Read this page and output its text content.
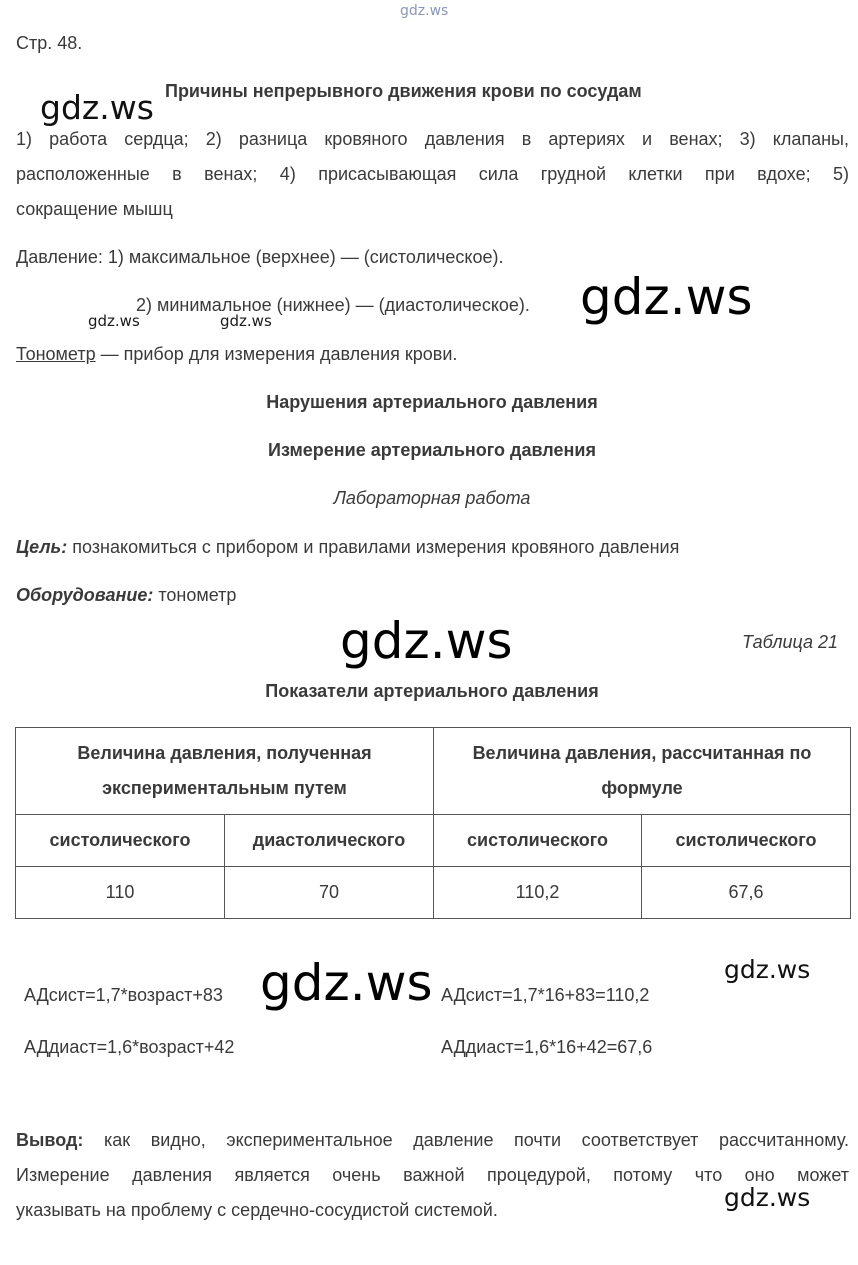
gdz.ws
Стр. 48.
Причины непрерывного движения крови по сосудам
1) работа сердца; 2) разница кровяного давления в артериях и венах; 3) клапаны,
расположенные в венах; 4) присасывающая сила грудной клетки при вдохе; 5)
сокращение мышц
Давление: 1) максимальное (верхнее) — (систолическое).
2) минимальное (нижнее) — (диастолическое).
Тонометр — прибор для измерения давления крови.
Нарушения артериального давления
Измерение артериального давления
Лабораторная работа
Цель: познакомиться с прибором и правилами измерения кровяного давления
Оборудование: тонометр
Таблица 21
Показатели артериального давления
Величина давления, полученная экспериментальным путем		Величина давления, рассчитанная по формуле	
систолического	диастолического	систолического	систолического
110	70	110,2	67,6
АДсист=1,7*возраст+83	АДсист=1,7*16+83=110,2
АДдиаст=1,6*возраст+42	АДдиаст=1,6*16+42=67,6
Вывод: как видно, экспериментальное давление почти соответствует рассчитанному.
Измерение давления является очень важной процедурой, потому что оно может
указывать на проблему с сердечно-сосудистой системой.
gdz.ws
gdz.ws	gdz.ws	gdz.ws
gdz.ws
gdz.ws	gdz.ws
gdz.ws
